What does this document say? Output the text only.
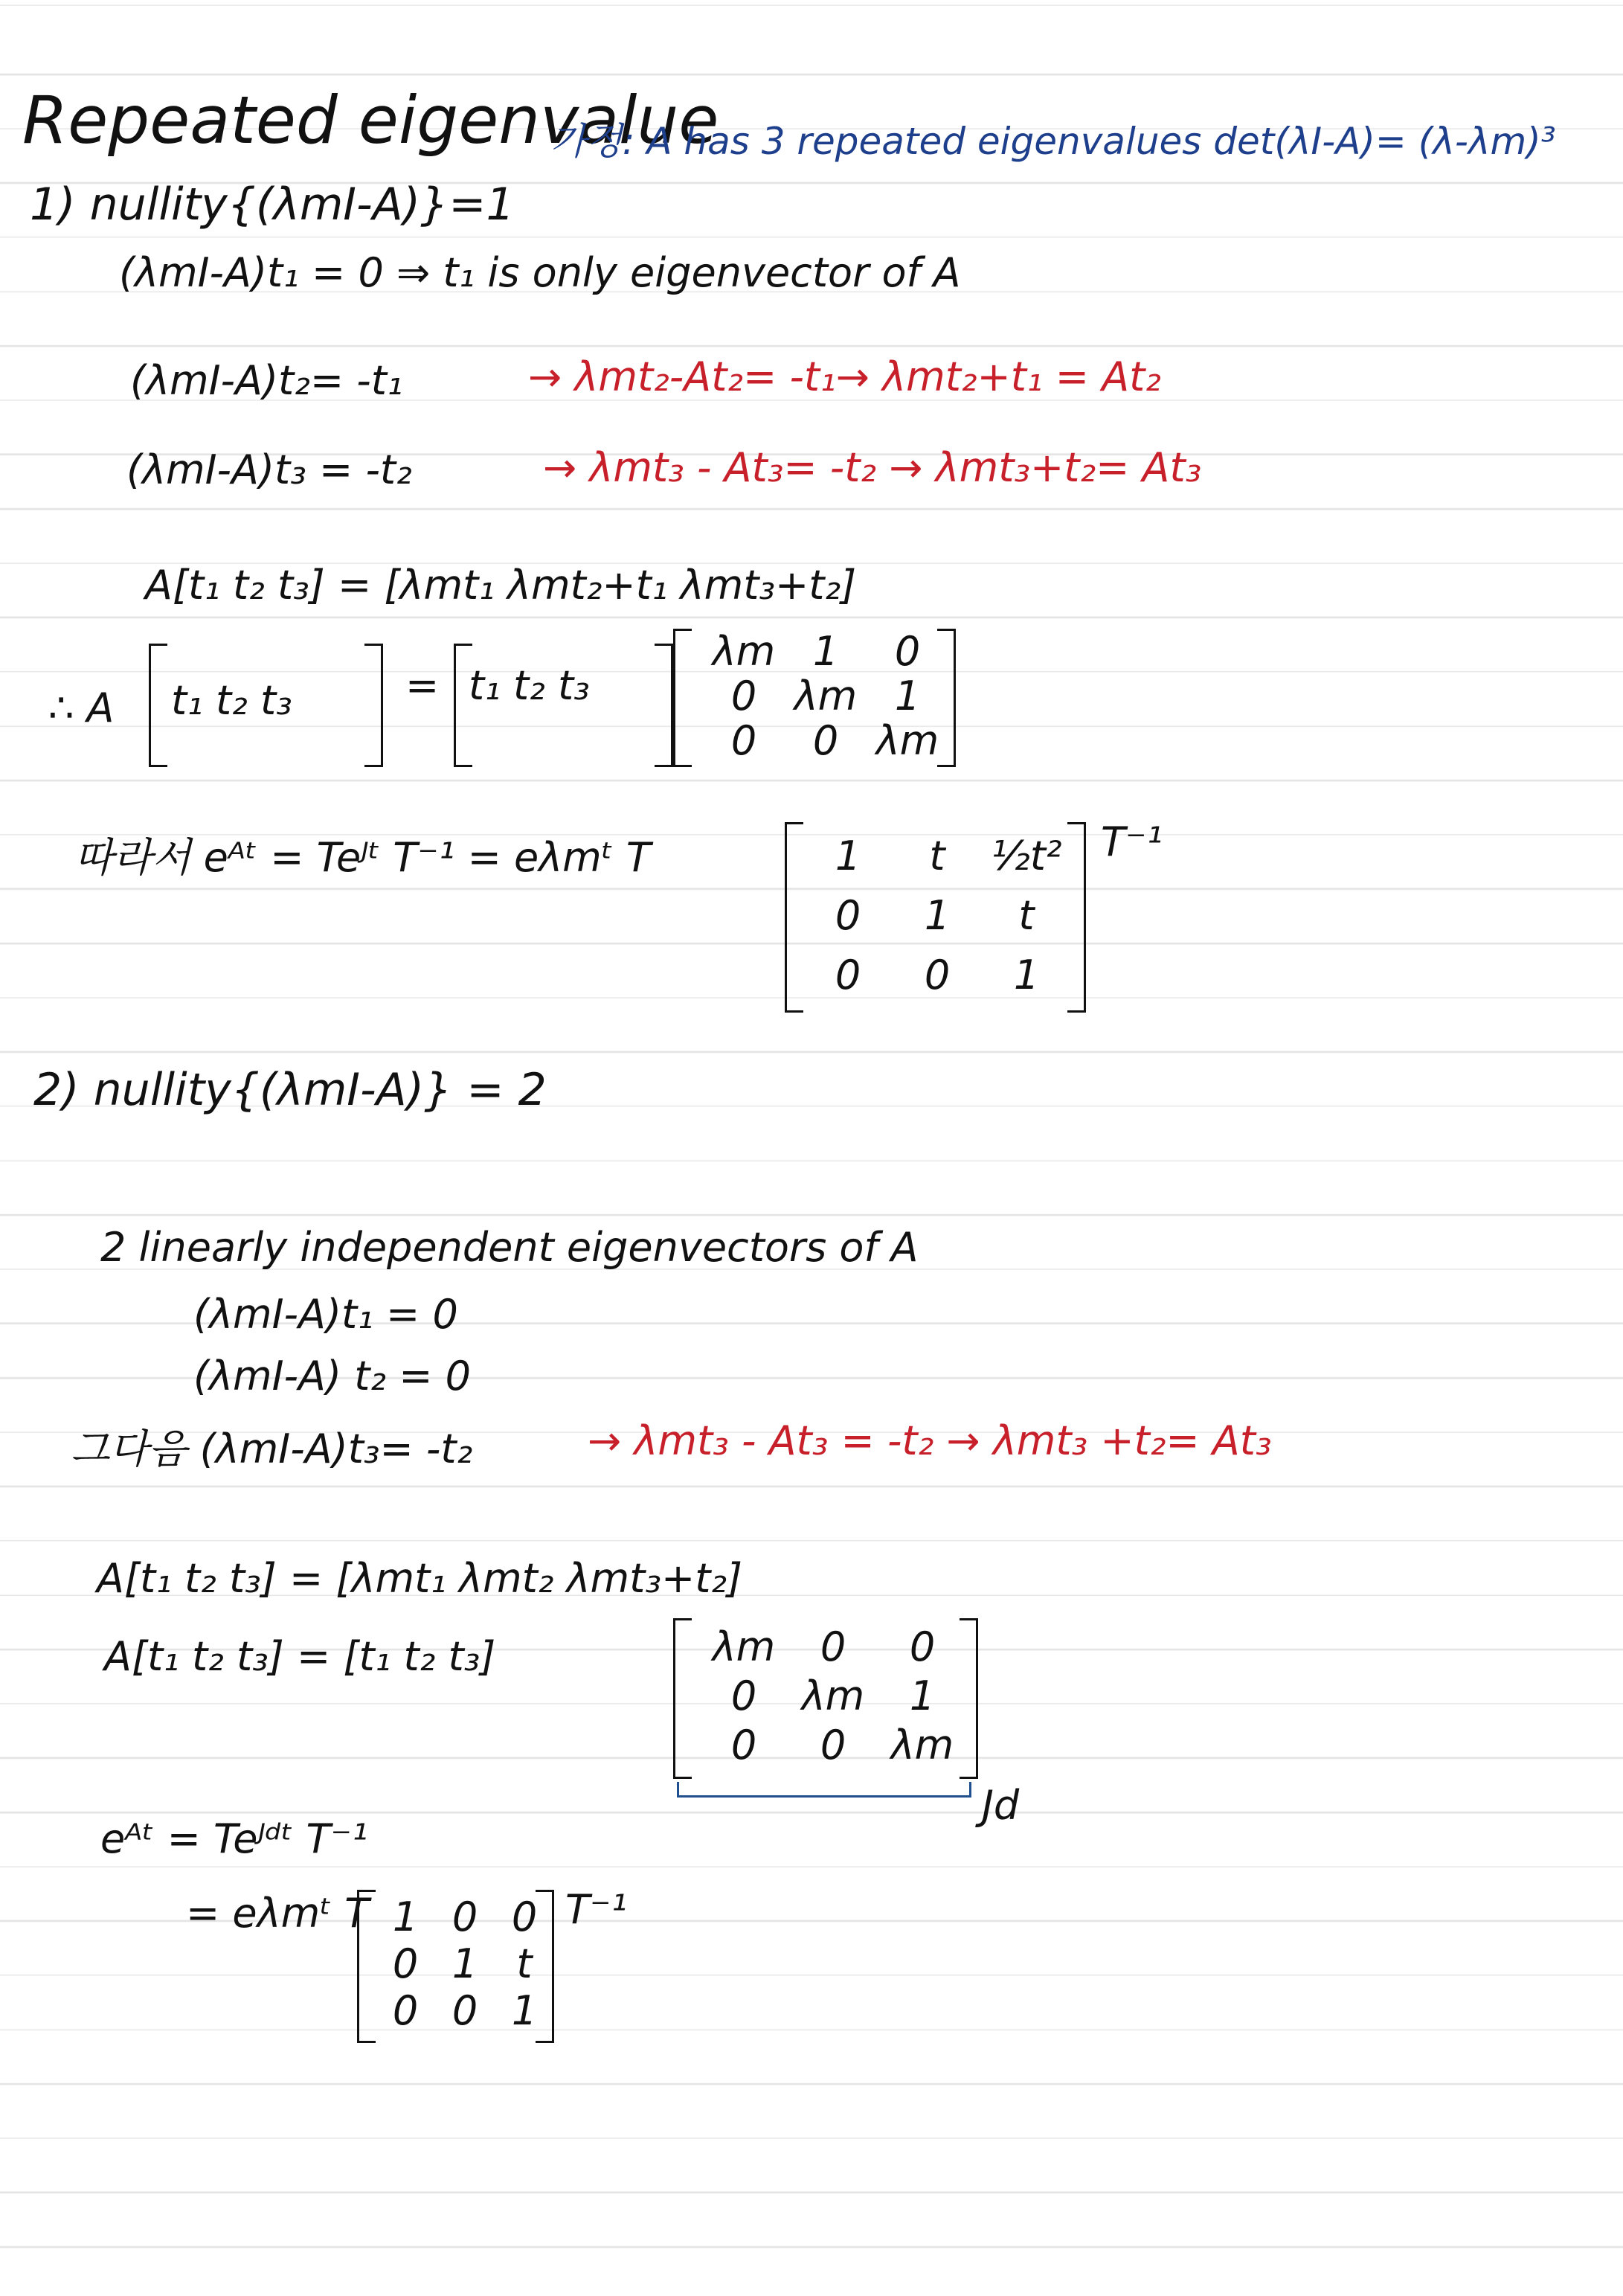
Repeated eigenvalue
가정: A has 3 repeated eigenvalues det(λI-A)= (λ-λm)³
1) nullity{(λmI-A)}=1
(λmI-A)t₁ = 0 ⇒ t₁ is only eigenvector of A
(λmI-A)t₂= -t₁	→ λmt₂-At₂= -t₁→ λmt₂+t₁ = At₂
(λmI-A)t₃ = -t₂	→ λmt₃ - At₃= -t₂ → λmt₃+t₂= At₃
A[t₁ t₂ t₃] = [λmt₁ λmt₂+t₁ λmt₃+t₂]
∴ A t₁ t₂ t₃	= t₁ t₂ t₃
λm 1	0
0 λm 1
0	0 λm
따라서 eᴬᵗ = Teᴶᵗ T⁻¹ = eλmᵗ T	1	t	½t²
0	1	t
0	0	1
T⁻¹
2) nullity{(λmI-A)} = 2
2 linearly independent eigenvectors of A
(λmI-A)t₁ = 0
(λmI-A) t₂ = 0
그다음 (λmI-A)t₃= -t₂	→ λmt₃ - At₃ = -t₂ → λmt₃ +t₂= At₃
A[t₁ t₂ t₃] = [λmt₁ λmt₂ λmt₃+t₂]
A[t₁ t₂ t₃] = [t₁ t₂ t₃]	λm	0	0
0	λm	1
0	0	λm
Jd
eᴬᵗ = Teᴶᵈᵗ T⁻¹
= eλmᵗ T 1 0 0
0 1 t
0 0 1
T⁻¹
